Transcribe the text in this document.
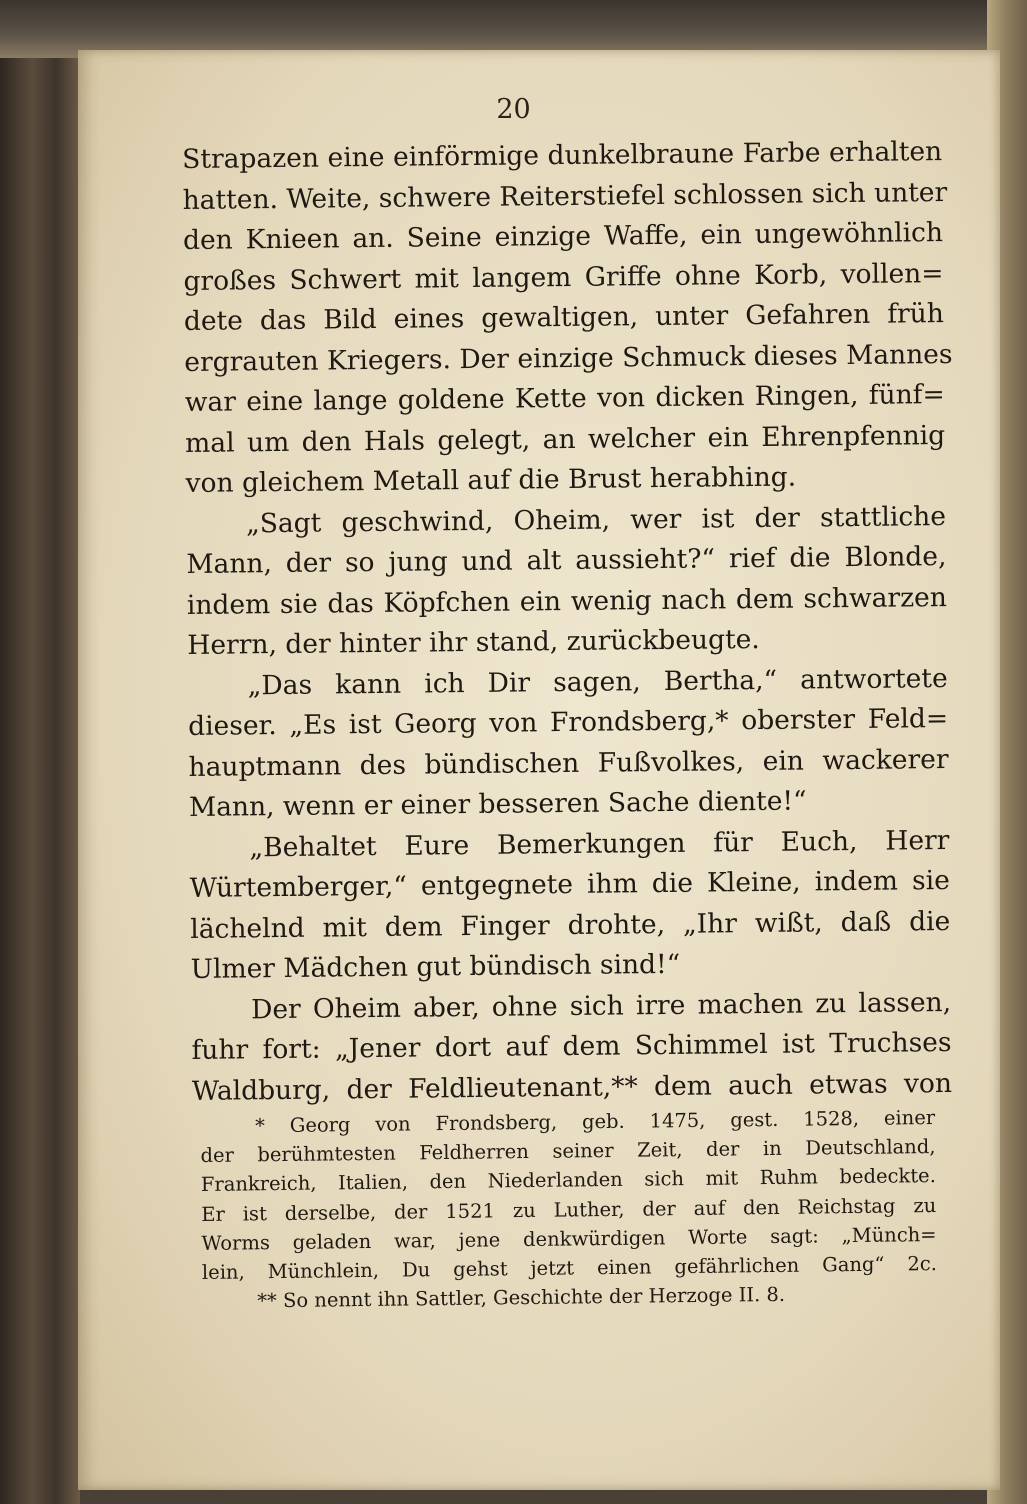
20
Strapazen eine einförmige dunkelbraune Farbe erhalten
hatten. Weite, schwere Reiterstiefel schlossen sich unter
den Knieen an. Seine einzige Waffe, ein ungewöhnlich
großes Schwert mit langem Griffe ohne Korb, vollen=
dete das Bild eines gewaltigen, unter Gefahren früh
ergrauten Kriegers. Der einzige Schmuck dieses Mannes
war eine lange goldene Kette von dicken Ringen, fünf=
mal um den Hals gelegt, an welcher ein Ehrenpfennig
von gleichem Metall auf die Brust herabhing.
„Sagt geschwind, Oheim, wer ist der stattliche
Mann, der so jung und alt aussieht?“ rief die Blonde,
indem sie das Köpfchen ein wenig nach dem schwarzen
Herrn, der hinter ihr stand, zurückbeugte.
„Das kann ich Dir sagen, Bertha,“ antwortete
dieser. „Es ist Georg von Frondsberg,* oberster Feld=
hauptmann des bündischen Fußvolkes, ein wackerer
Mann, wenn er einer besseren Sache diente!“
„Behaltet Eure Bemerkungen für Euch, Herr
Würtemberger,“ entgegnete ihm die Kleine, indem sie
lächelnd mit dem Finger drohte, „Ihr wißt, daß die
Ulmer Mädchen gut bündisch sind!“
Der Oheim aber, ohne sich irre machen zu lassen,
fuhr fort: „Jener dort auf dem Schimmel ist Truchses
Waldburg, der Feldlieutenant,** dem auch etwas von
* Georg von Frondsberg, geb. 1475, gest. 1528, einer
der berühmtesten Feldherren seiner Zeit, der in Deutschland,
Frankreich, Italien, den Niederlanden sich mit Ruhm bedeckte.
Er ist derselbe, der 1521 zu Luther, der auf den Reichstag zu
Worms geladen war, jene denkwürdigen Worte sagt: „Münch=
lein, Münchlein, Du gehst jetzt einen gefährlichen Gang“ 2c.
** So nennt ihn Sattler, Geschichte der Herzoge II. 8.
